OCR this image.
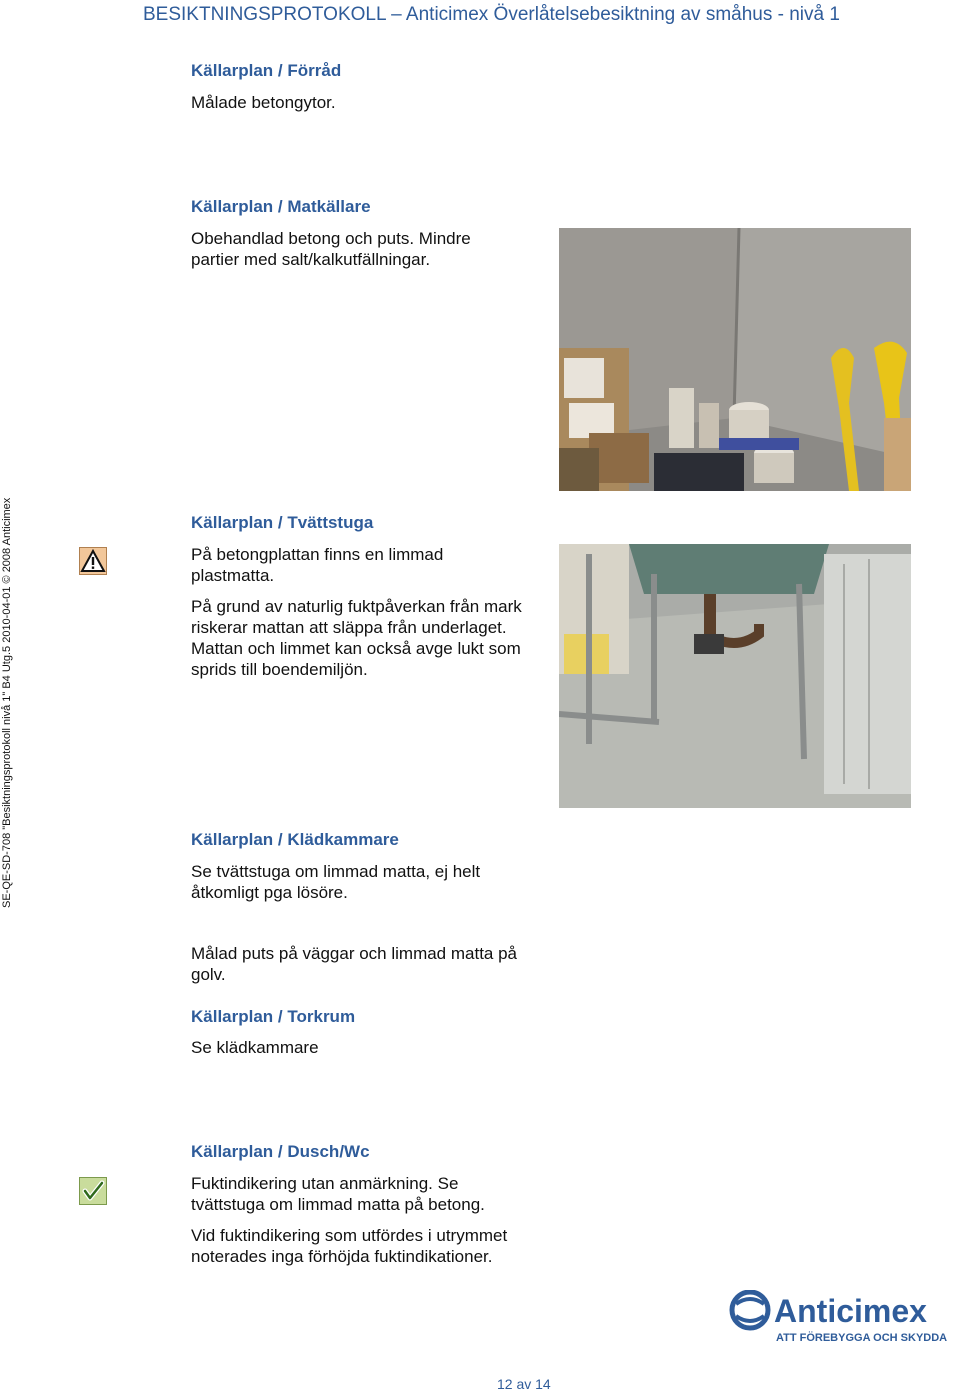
BESIKTNINGSPROTOKOLL – Anticimex Överlåtelsebesiktning av småhus - nivå 1
SE-QE-SD-708 "Besiktningsprotokoll nivå 1" B4 Utg.5 2010-04-01 © 2008 Anticimex
Källarplan / Förråd
Målade betongytor.
Källarplan / Matkällare
Obehandlad betong och puts. Mindre partier med salt/kalkutfällningar.
Källarplan / Tvättstuga
På betongplattan finns en limmad plastmatta.
På grund av naturlig fuktpåverkan från mark riskerar mattan att släppa från underlaget. Mattan och limmet kan också avge lukt som sprids till boendemiljön.
Källarplan / Klädkammare
Se tvättstuga om limmad matta, ej helt åtkomligt pga lösöre.
Målad puts på väggar och limmad matta på golv.
Källarplan / Torkrum
Se klädkammare
Källarplan / Dusch/Wc
Fuktindikering utan anmärkning. Se tvättstuga om limmad matta på betong.
Vid fuktindikering som utfördes i utrymmet noterades inga förhöjda fuktindikationer.
Anticimex
ATT FÖREBYGGA OCH SKYDDA
12 av 14
